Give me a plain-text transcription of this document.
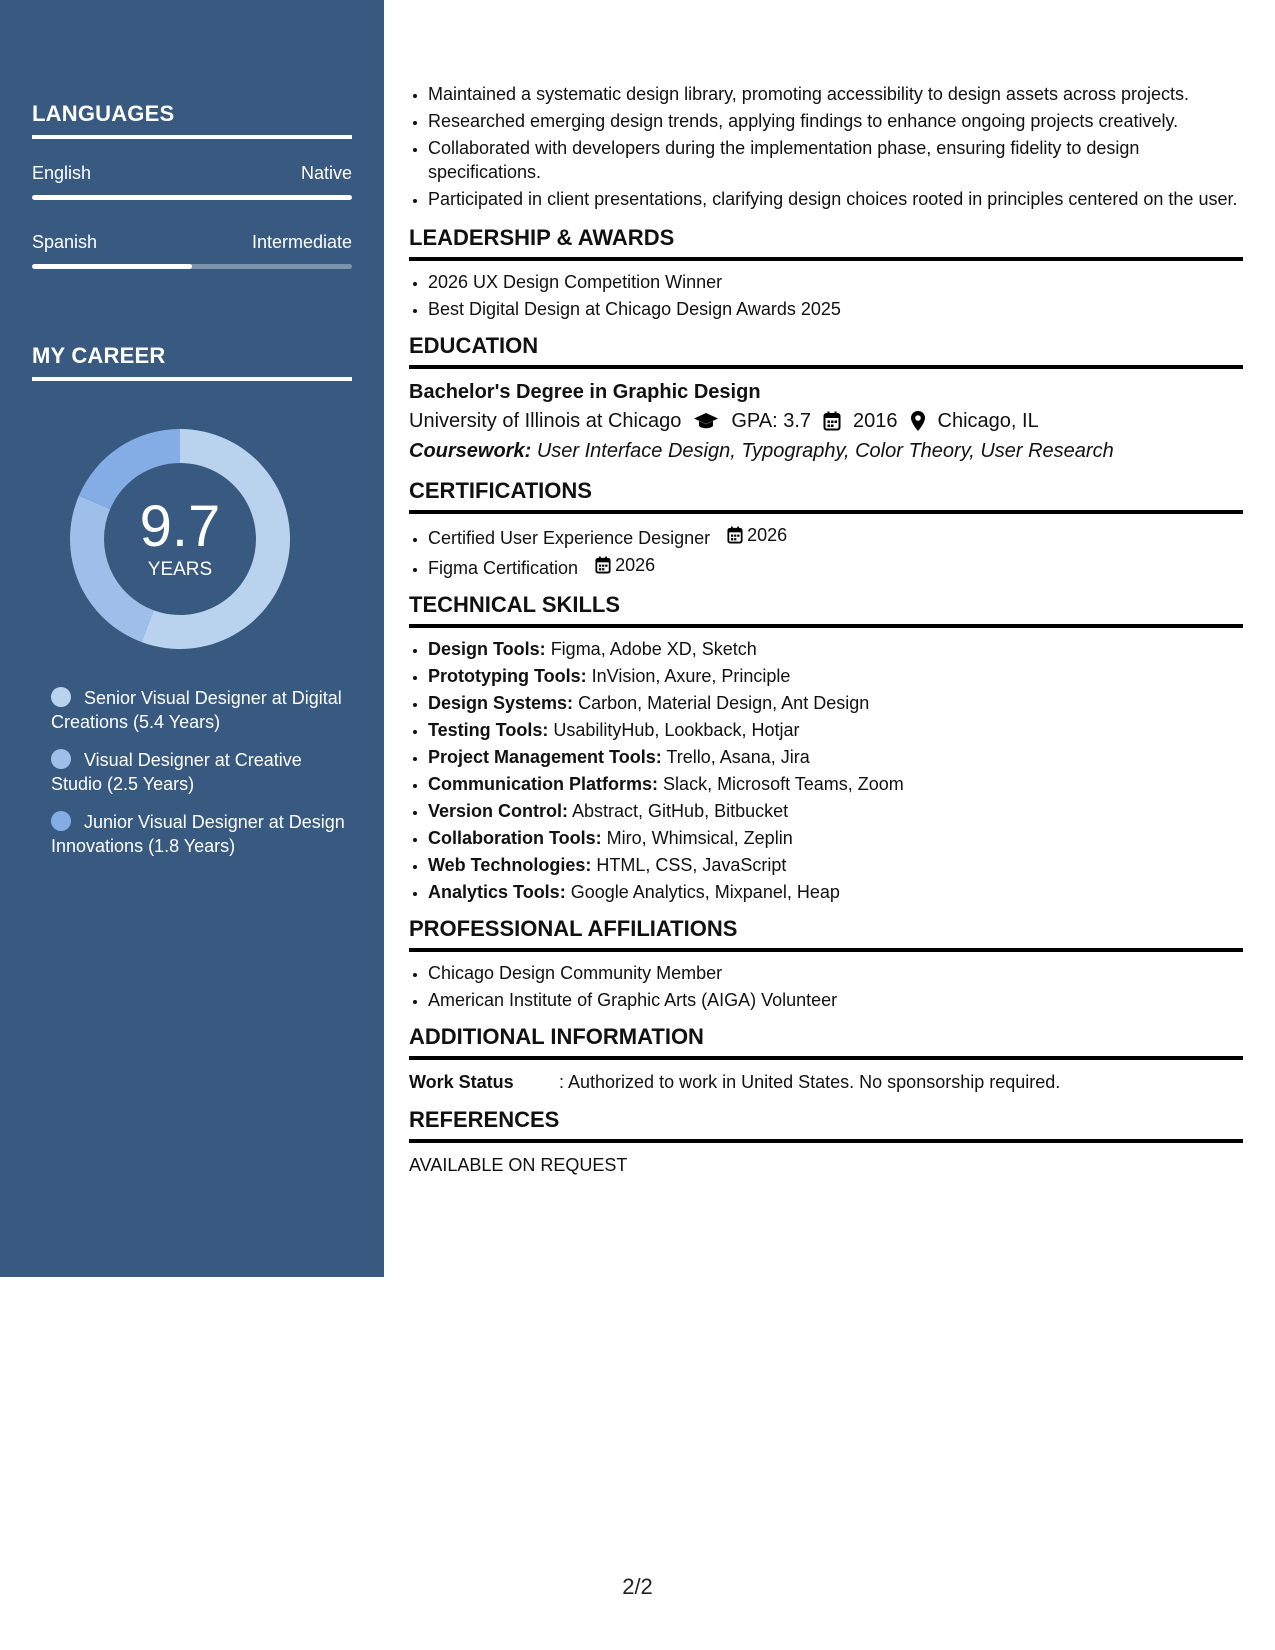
LANGUAGES
English	Native
Spanish	Intermediate
MY CAREER
9.7
YEARS
Senior Visual Designer at Digital Creations (5.4 Years)
Visual Designer at Creative Studio (2.5 Years)
Junior Visual Designer at Design Innovations (1.8 Years)
• Maintained a systematic design library, promoting accessibility to design assets across projects.
• Researched emerging design trends, applying findings to enhance ongoing projects creatively.
• Collaborated with developers during the implementation phase, ensuring fidelity to design specifications.
• Participated in client presentations, clarifying design choices rooted in principles centered on the user.
LEADERSHIP & AWARDS
• 2026 UX Design Competition Winner
• Best Digital Design at Chicago Design Awards 2025
EDUCATION
Bachelor's Degree in Graphic Design
University of Illinois at Chicago	GPA: 3.7 2016 Chicago, IL
Coursework: User Interface Design, Typography, Color Theory, User Research
CERTIFICATIONS
• Certified User Experience Designer 2026
• Figma Certification 2026
TECHNICAL SKILLS
• Design Tools: Figma, Adobe XD, Sketch
• Prototyping Tools: InVision, Axure, Principle
• Design Systems: Carbon, Material Design, Ant Design
• Testing Tools: UsabilityHub, Lookback, Hotjar
• Project Management Tools: Trello, Asana, Jira
• Communication Platforms: Slack, Microsoft Teams, Zoom
• Version Control: Abstract, GitHub, Bitbucket
• Collaboration Tools: Miro, Whimsical, Zeplin
• Web Technologies: HTML, CSS, JavaScript
• Analytics Tools: Google Analytics, Mixpanel, Heap
PROFESSIONAL AFFILIATIONS
• Chicago Design Community Member
• American Institute of Graphic Arts (AIGA) Volunteer
ADDITIONAL INFORMATION
Work Status	: Authorized to work in United States. No sponsorship required.
REFERENCES
AVAILABLE ON REQUEST
2/2
